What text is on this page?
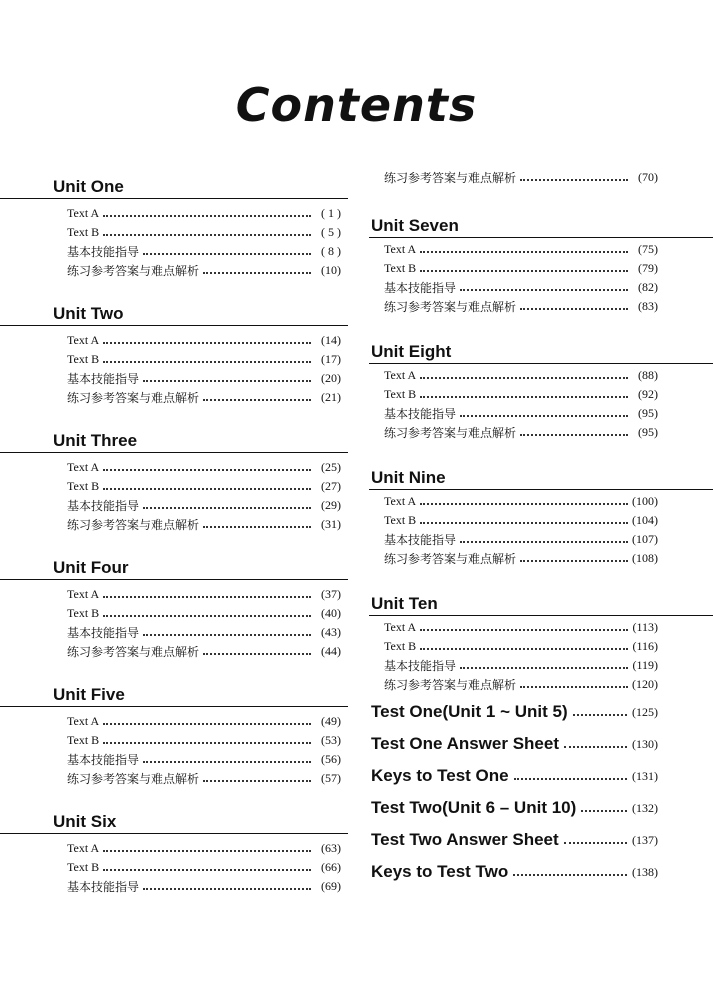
Contents
Unit One
Text A	( 1 )
Text B	( 5 )
基本技能指导	( 8 )
练习参考答案与难点解析	(10)
Unit Two
Text A	(14)
Text B	(17)
基本技能指导	(20)
练习参考答案与难点解析	(21)
Unit Three
Text A	(25)
Text B	(27)
基本技能指导	(29)
练习参考答案与难点解析	(31)
Unit Four
Text A	(37)
Text B	(40)
基本技能指导	(43)
练习参考答案与难点解析	(44)
Unit Five
Text A	(49)
Text B	(53)
基本技能指导	(56)
练习参考答案与难点解析	(57)
Unit Six
Text A	(63)
Text B	(66)
基本技能指导	(69)
练习参考答案与难点解析	(70)
Unit Seven
Text A	(75)
Text B	(79)
基本技能指导	(82)
练习参考答案与难点解析	(83)
Unit Eight
Text A	(88)
Text B	(92)
基本技能指导	(95)
练习参考答案与难点解析	(95)
Unit Nine
Text A	(100)
Text B	(104)
基本技能指导	(107)
练习参考答案与难点解析	(108)
Unit Ten
Text A	(113)
Text B	(116)
基本技能指导	(119)
练习参考答案与难点解析	(120)
Test One(Unit 1 ~ Unit 5)	(125)
Test One Answer Sheet	(130)
Keys to Test One	(131)
Test Two(Unit 6 – Unit 10)	(132)
Test Two Answer Sheet	(137)
Keys to Test Two	(138)
